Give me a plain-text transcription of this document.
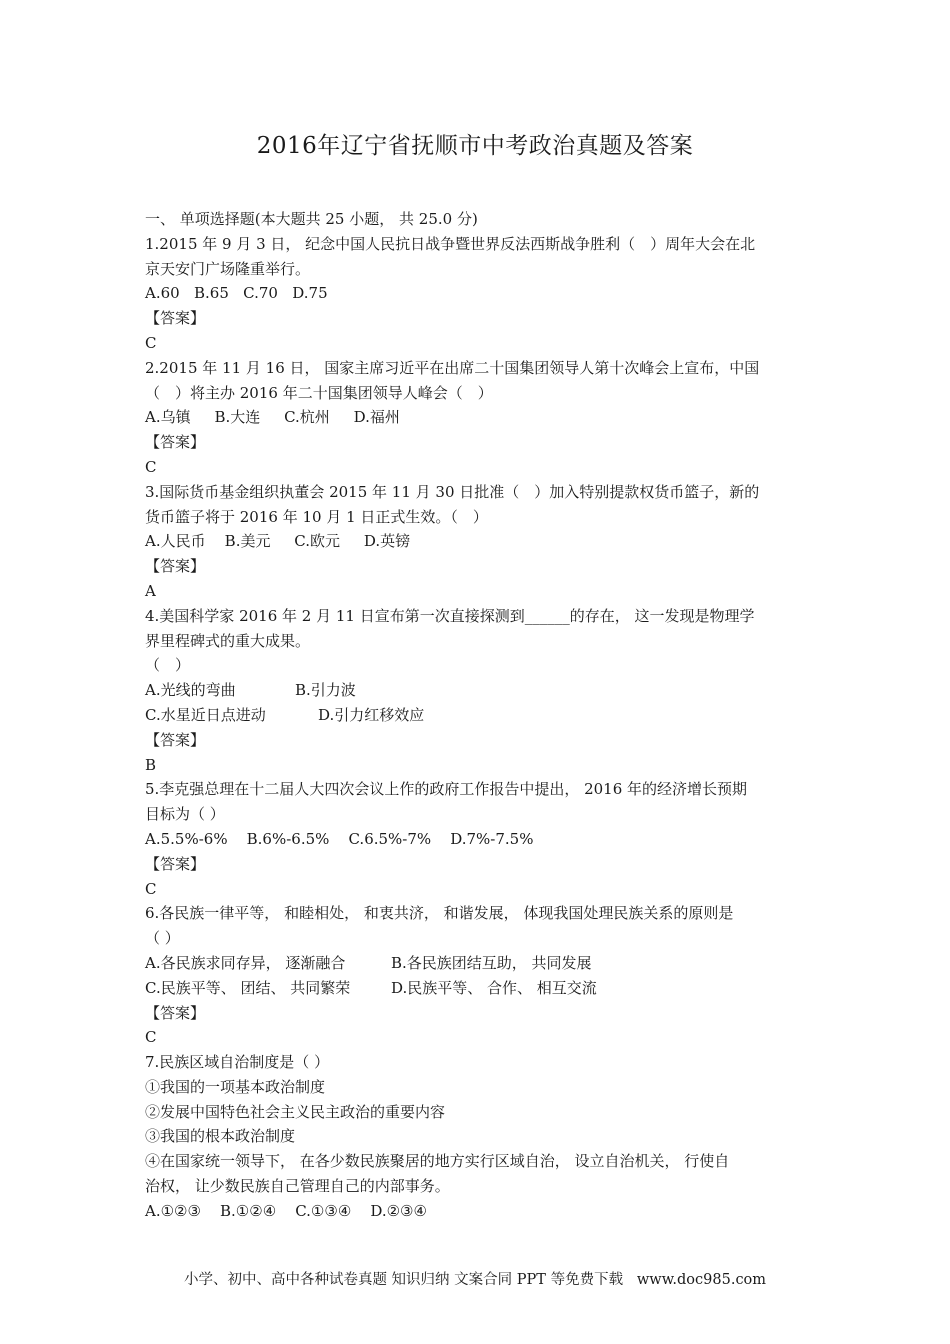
2016年辽宁省抚顺市中考政治真题及答案
一、 单项选择题(本大题共 25 小题， 共 25.0 分)
1.2015 年 9 月 3 日， 纪念中国人民抗日战争暨世界反法西斯战争胜利（　）周年大会在北
京天安门广场隆重举行。
A.60   B.65   C.70   D.75
【答案】
C
2.2015 年 11 月 16 日， 国家主席习近平在出席二十国集团领导人第十次峰会上宣布，中国
（　）将主办 2016 年二十国集团领导人峰会（　）
A.乌镇     B.大连     C.杭州     D.福州
【答案】
C
3.国际货币基金组织执董会 2015 年 11 月 30 日批准（　）加入特别提款权货币篮子，新的
货币篮子将于 2016 年 10 月 1 日正式生效。（　）
A.人民币    B.美元     C.欧元     D.英镑
【答案】
A
4.美国科学家 2016 年 2 月 11 日宣布第一次直接探测到______的存在， 这一发现是物理学
界里程碑式的重大成果。
（　）
A.光线的弯曲	B.引力波
C.水星近日点进动	D.引力红移效应
【答案】
B
5.李克强总理在十二届人大四次会议上作的政府工作报告中提出， 2016 年的经济增长预期
目标为（ ）
A.5.5%-6%    B.6%-6.5%    C.6.5%-7%    D.7%-7.5%
【答案】
C
6.各民族一律平等， 和睦相处， 和衷共济， 和谐发展， 体现我国处理民族关系的原则是
（ ）
A.各民族求同存异， 逐渐融合	B.各民族团结互助， 共同发展
C.民族平等、 团结、 共同繁荣	D.民族平等、 合作、 相互交流
【答案】
C
7.民族区域自治制度是（ ）
①我国的一项基本政治制度
②发展中国特色社会主义民主政治的重要内容
③我国的根本政治制度
④在国家统一领导下， 在各少数民族聚居的地方实行区域自治， 设立自治机关， 行使自
治权， 让少数民族自己管理自己的内部事务。
A.①②③    B.①②④    C.①③④    D.②③④
小学、初中、高中各种试卷真题 知识归纳 文案合同 PPT 等免费下载   www.doc985.com
